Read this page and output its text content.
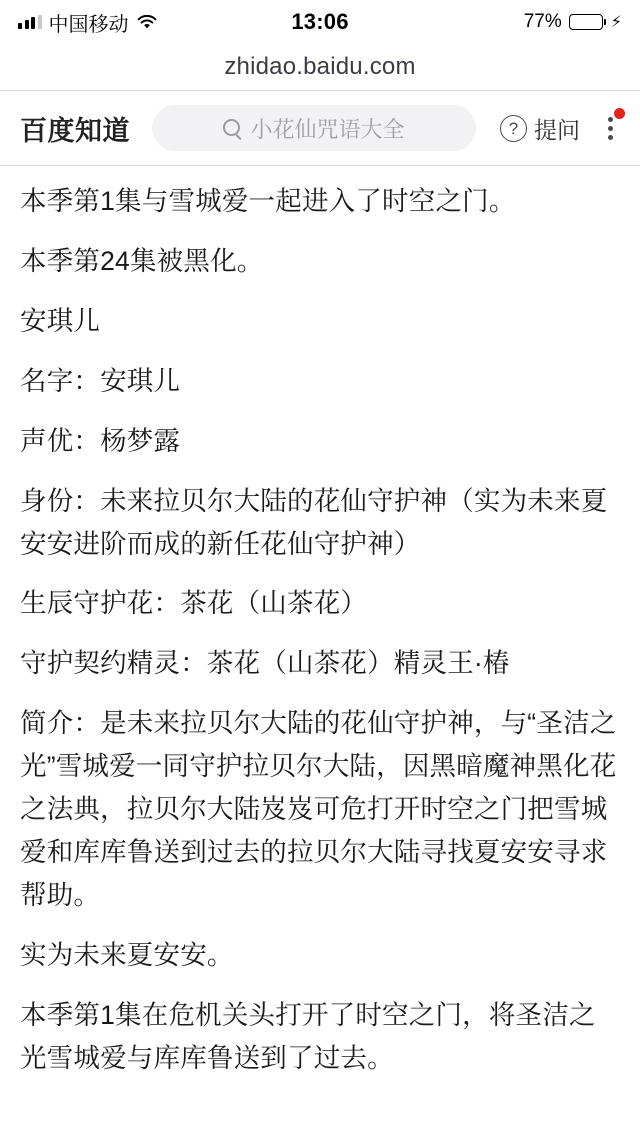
中国移动	13:06	77%	⚡
zhidao.baidu.com
百度知道	小花仙咒语大全	? 提问

本季第1集与雪城爱一起进入了时空之门。

本季第24集被黑化。

安琪儿

名字：安琪儿

声优：杨梦露

身份：未来拉贝尔大陆的花仙守护神（实为未来夏安安进阶而成的新任花仙守护神）

生辰守护花：茶花（山茶花）

守护契约精灵：茶花（山茶花）精灵王·椿

简介：是未来拉贝尔大陆的花仙守护神，与“圣洁之光”雪城爱一同守护拉贝尔大陆，因黑暗魔神黑化花之法典，拉贝尔大陆岌岌可危打开时空之门把雪城爱和库库鲁送到过去的拉贝尔大陆寻找夏安安寻求帮助。

实为未来夏安安。

本季第1集在危机关头打开了时空之门，将圣洁之光雪城爱与库库鲁送到了过去。
